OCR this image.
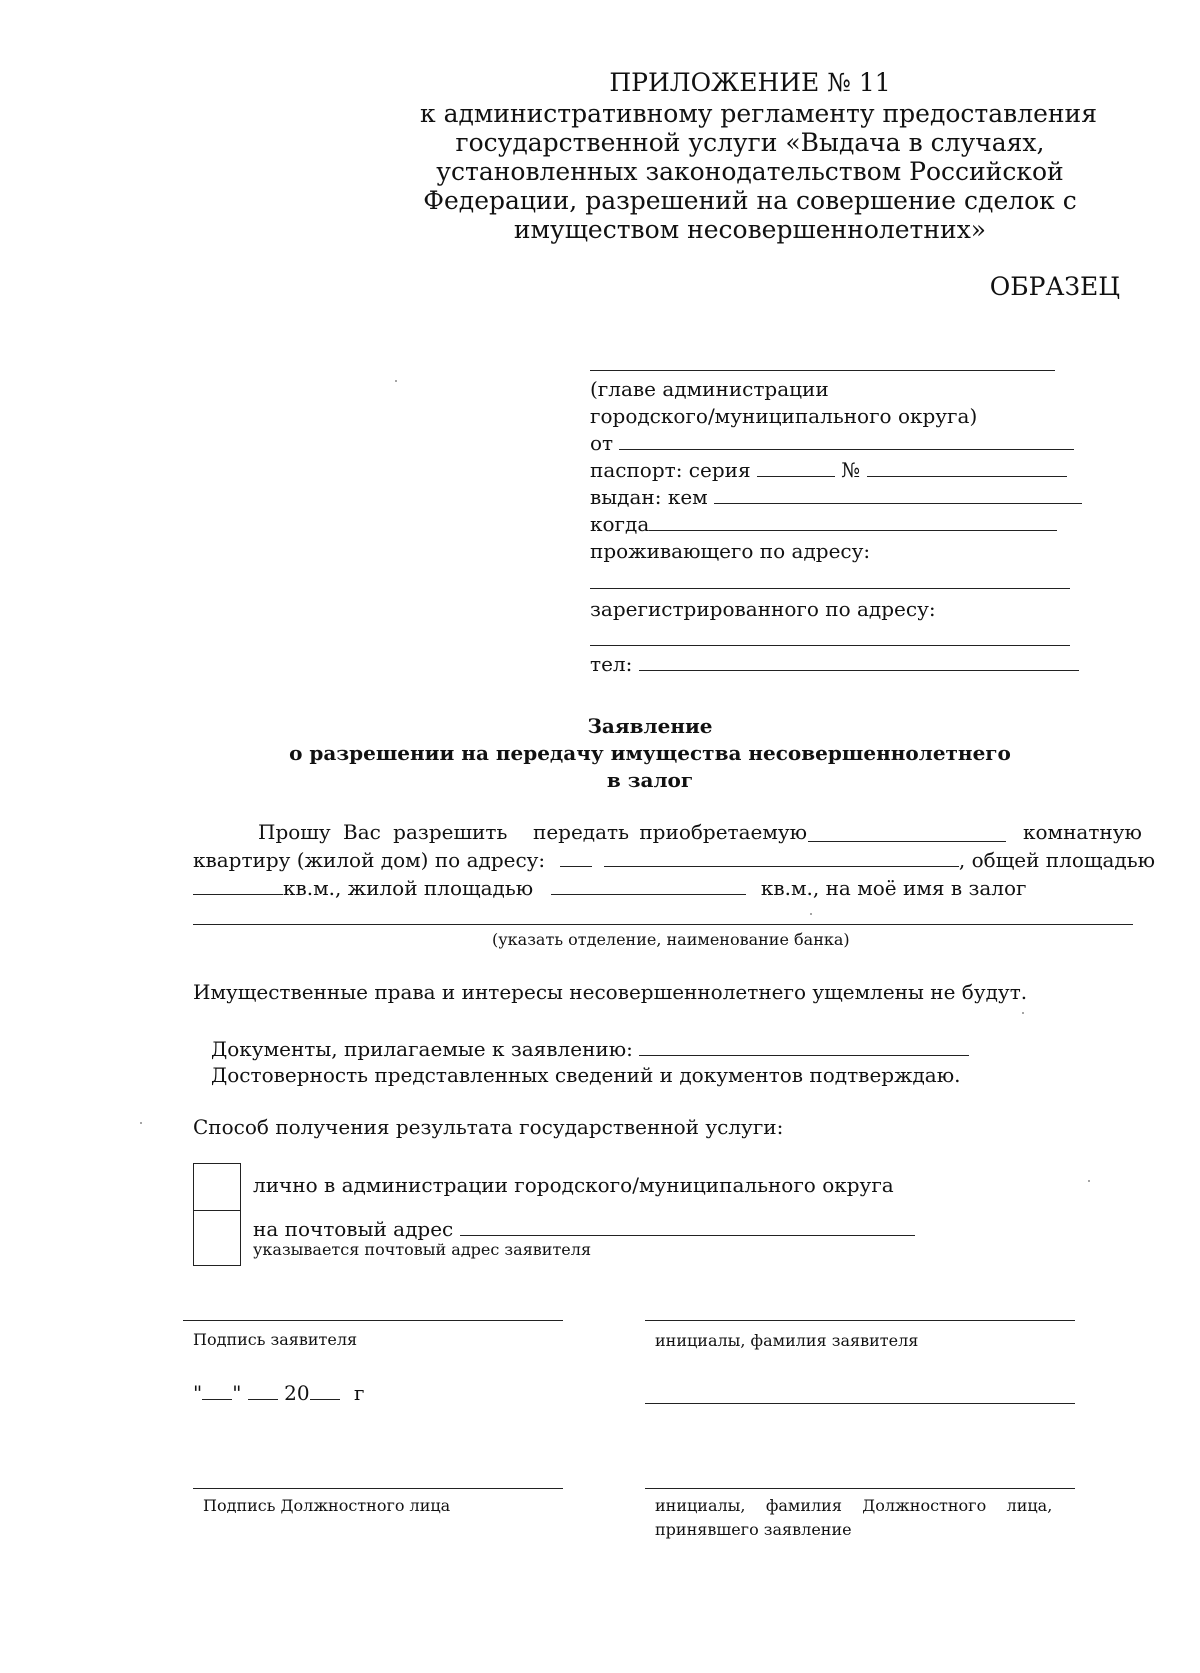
ПРИЛОЖЕНИЕ № 11
к административному регламенту предоставления
государственной услуги «Выдача в случаях,
установленных законодательством Российской
Федерации, разрешений на совершение сделок с
имуществом несовершеннолетних»
ОБРАЗЕЦ
(главе администрации
городского/муниципального округа)
от
паспорт: серия	№
выдан: кем
когда
проживающего по адресу:
зарегистрированного по адресу:
тел:
Заявление
о разрешении на передачу имущества несовершеннолетнего
в залог
Прошу Вас разрешить передать приобретаемую	комнатную
квартиру (жилой дом) по адресу:	, общей площадью
кв.м., жилой площадью	кв.м., на моё имя в залог
(указать отделение, наименование банка)
Имущественные права и интересы несовершеннолетнего ущемлены не будут.
Документы, прилагаемые к заявлению:
Достоверность представленных сведений и документов подтверждаю.
Способ получения результата государственной услуги:
лично в администрации городского/муниципального округа
на почтовый адрес
указывается почтовый адрес заявителя
Подпись заявителя	инициалы, фамилия заявителя
" " 20 г
Подпись Должностного лица	инициалы,    фамилия    Должностного    лица,
принявшего заявление
